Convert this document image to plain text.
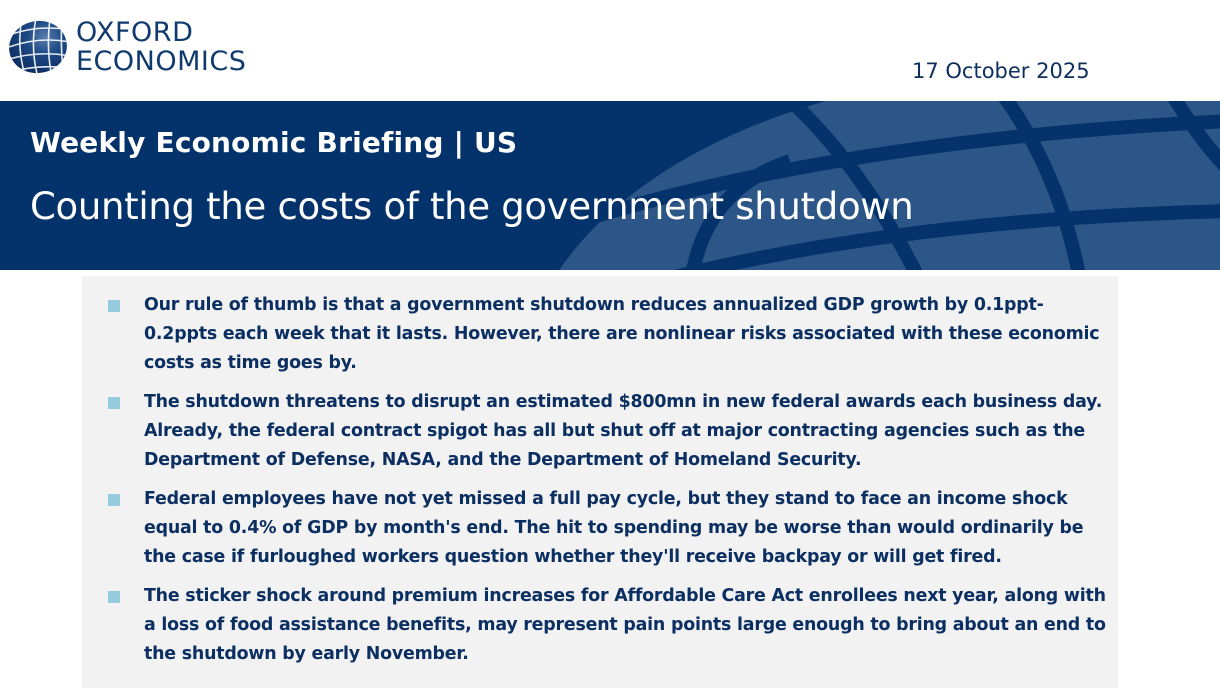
OXFORD
ECONOMICS	17 October 2025
Weekly Economic Briefing | US
Counting the costs of the government shutdown
Our rule of thumb is that a government shutdown reduces annualized GDP growth by 0.1ppt-0.2ppts each week that it lasts. However, there are nonlinear risks associated with these economic costs as time goes by.
The shutdown threatens to disrupt an estimated $800mn in new federal awards each business day. Already, the federal contract spigot has all but shut off at major contracting agencies such as the Department of Defense, NASA, and the Department of Homeland Security.
Federal employees have not yet missed a full pay cycle, but they stand to face an income shock equal to 0.4% of GDP by month's end. The hit to spending may be worse than would ordinarily be the case if furloughed workers question whether they'll receive backpay or will get fired.
The sticker shock around premium increases for Affordable Care Act enrollees next year, along with a loss of food assistance benefits, may represent pain points large enough to bring about an end to the shutdown by early November.
